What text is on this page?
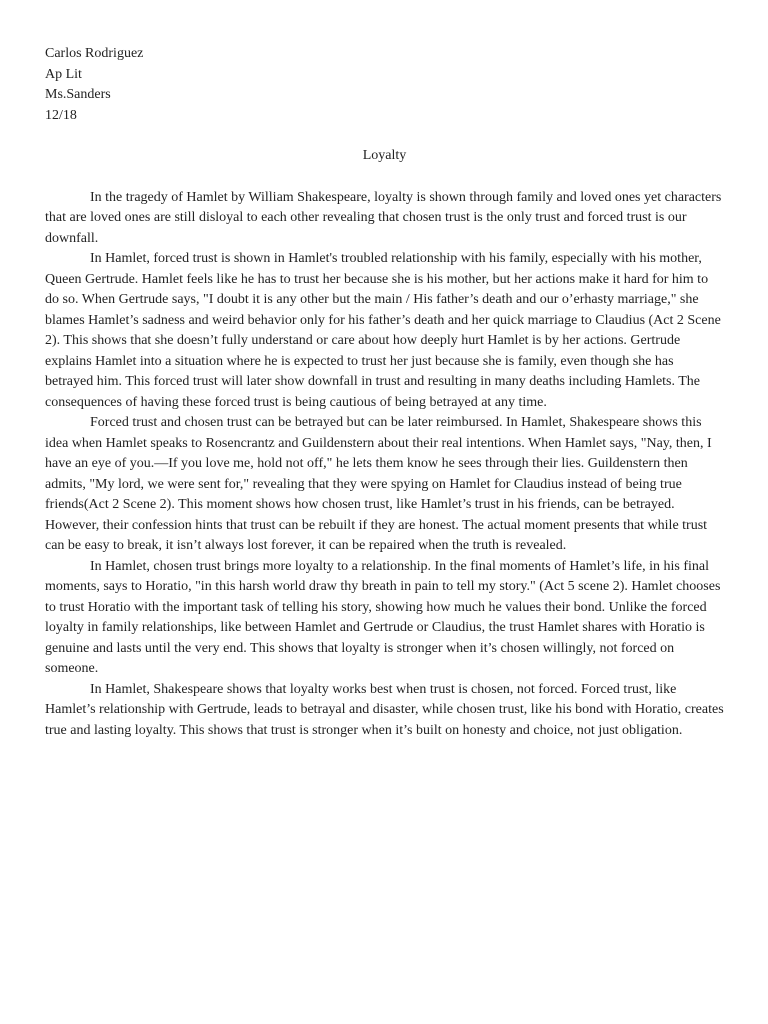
Carlos Rodriguez

Ap Lit

Ms.Sanders

12/18

Loyalty

In the tragedy of Hamlet by William Shakespeare, loyalty is shown through family and loved ones yet characters that are loved ones are still disloyal to each other revealing that chosen trust is the only trust and forced trust is our downfall.

In Hamlet, forced trust is shown in Hamlet's troubled relationship with his family, especially with his mother, Queen Gertrude. Hamlet feels like he has to trust her because she is his mother, but her actions make it hard for him to do so. When Gertrude says, "I doubt it is any other but the main / His father’s death and our o’erhasty marriage," she blames Hamlet’s sadness and weird behavior only for his father’s death and her quick marriage to Claudius (Act 2 Scene 2). This shows that she doesn’t fully understand or care about how deeply hurt Hamlet is by her actions. Gertrude explains Hamlet into a situation where he is expected to trust her just because she is family, even though she has betrayed him. This forced trust will later show downfall in trust and resulting in many deaths including Hamlets. The consequences of having these forced trust is being cautious of being betrayed at any time.

Forced trust and chosen trust can be betrayed but can be later reimbursed. In Hamlet, Shakespeare shows this idea when Hamlet speaks to Rosencrantz and Guildenstern about their real intentions. When Hamlet says, "Nay, then, I have an eye of you.—If you love me, hold not off," he lets them know he sees through their lies. Guildenstern then admits, "My lord, we were sent for," revealing that they were spying on Hamlet for Claudius instead of being true friends(Act 2 Scene 2). This moment shows how chosen trust, like Hamlet’s trust in his friends, can be betrayed. However, their confession hints that trust can be rebuilt if they are honest. The actual moment presents that while trust can be easy to break, it isn’t always lost forever, it can be repaired when the truth is revealed.

In Hamlet, chosen trust brings more loyalty to a relationship. In the final moments of Hamlet’s life, in his final moments, says to Horatio, "in this harsh world draw thy breath in pain to tell my story." (Act 5 scene 2). Hamlet chooses to trust Horatio with the important task of telling his story, showing how much he values their bond. Unlike the forced loyalty in family relationships, like between Hamlet and Gertrude or Claudius, the trust Hamlet shares with Horatio is genuine and lasts until the very end. This shows that loyalty is stronger when it’s chosen willingly, not forced on someone.

In Hamlet, Shakespeare shows that loyalty works best when trust is chosen, not forced. Forced trust, like Hamlet’s relationship with Gertrude, leads to betrayal and disaster, while chosen trust, like his bond with Horatio, creates true and lasting loyalty. This shows that trust is stronger when it’s built on honesty and choice, not just obligation.
